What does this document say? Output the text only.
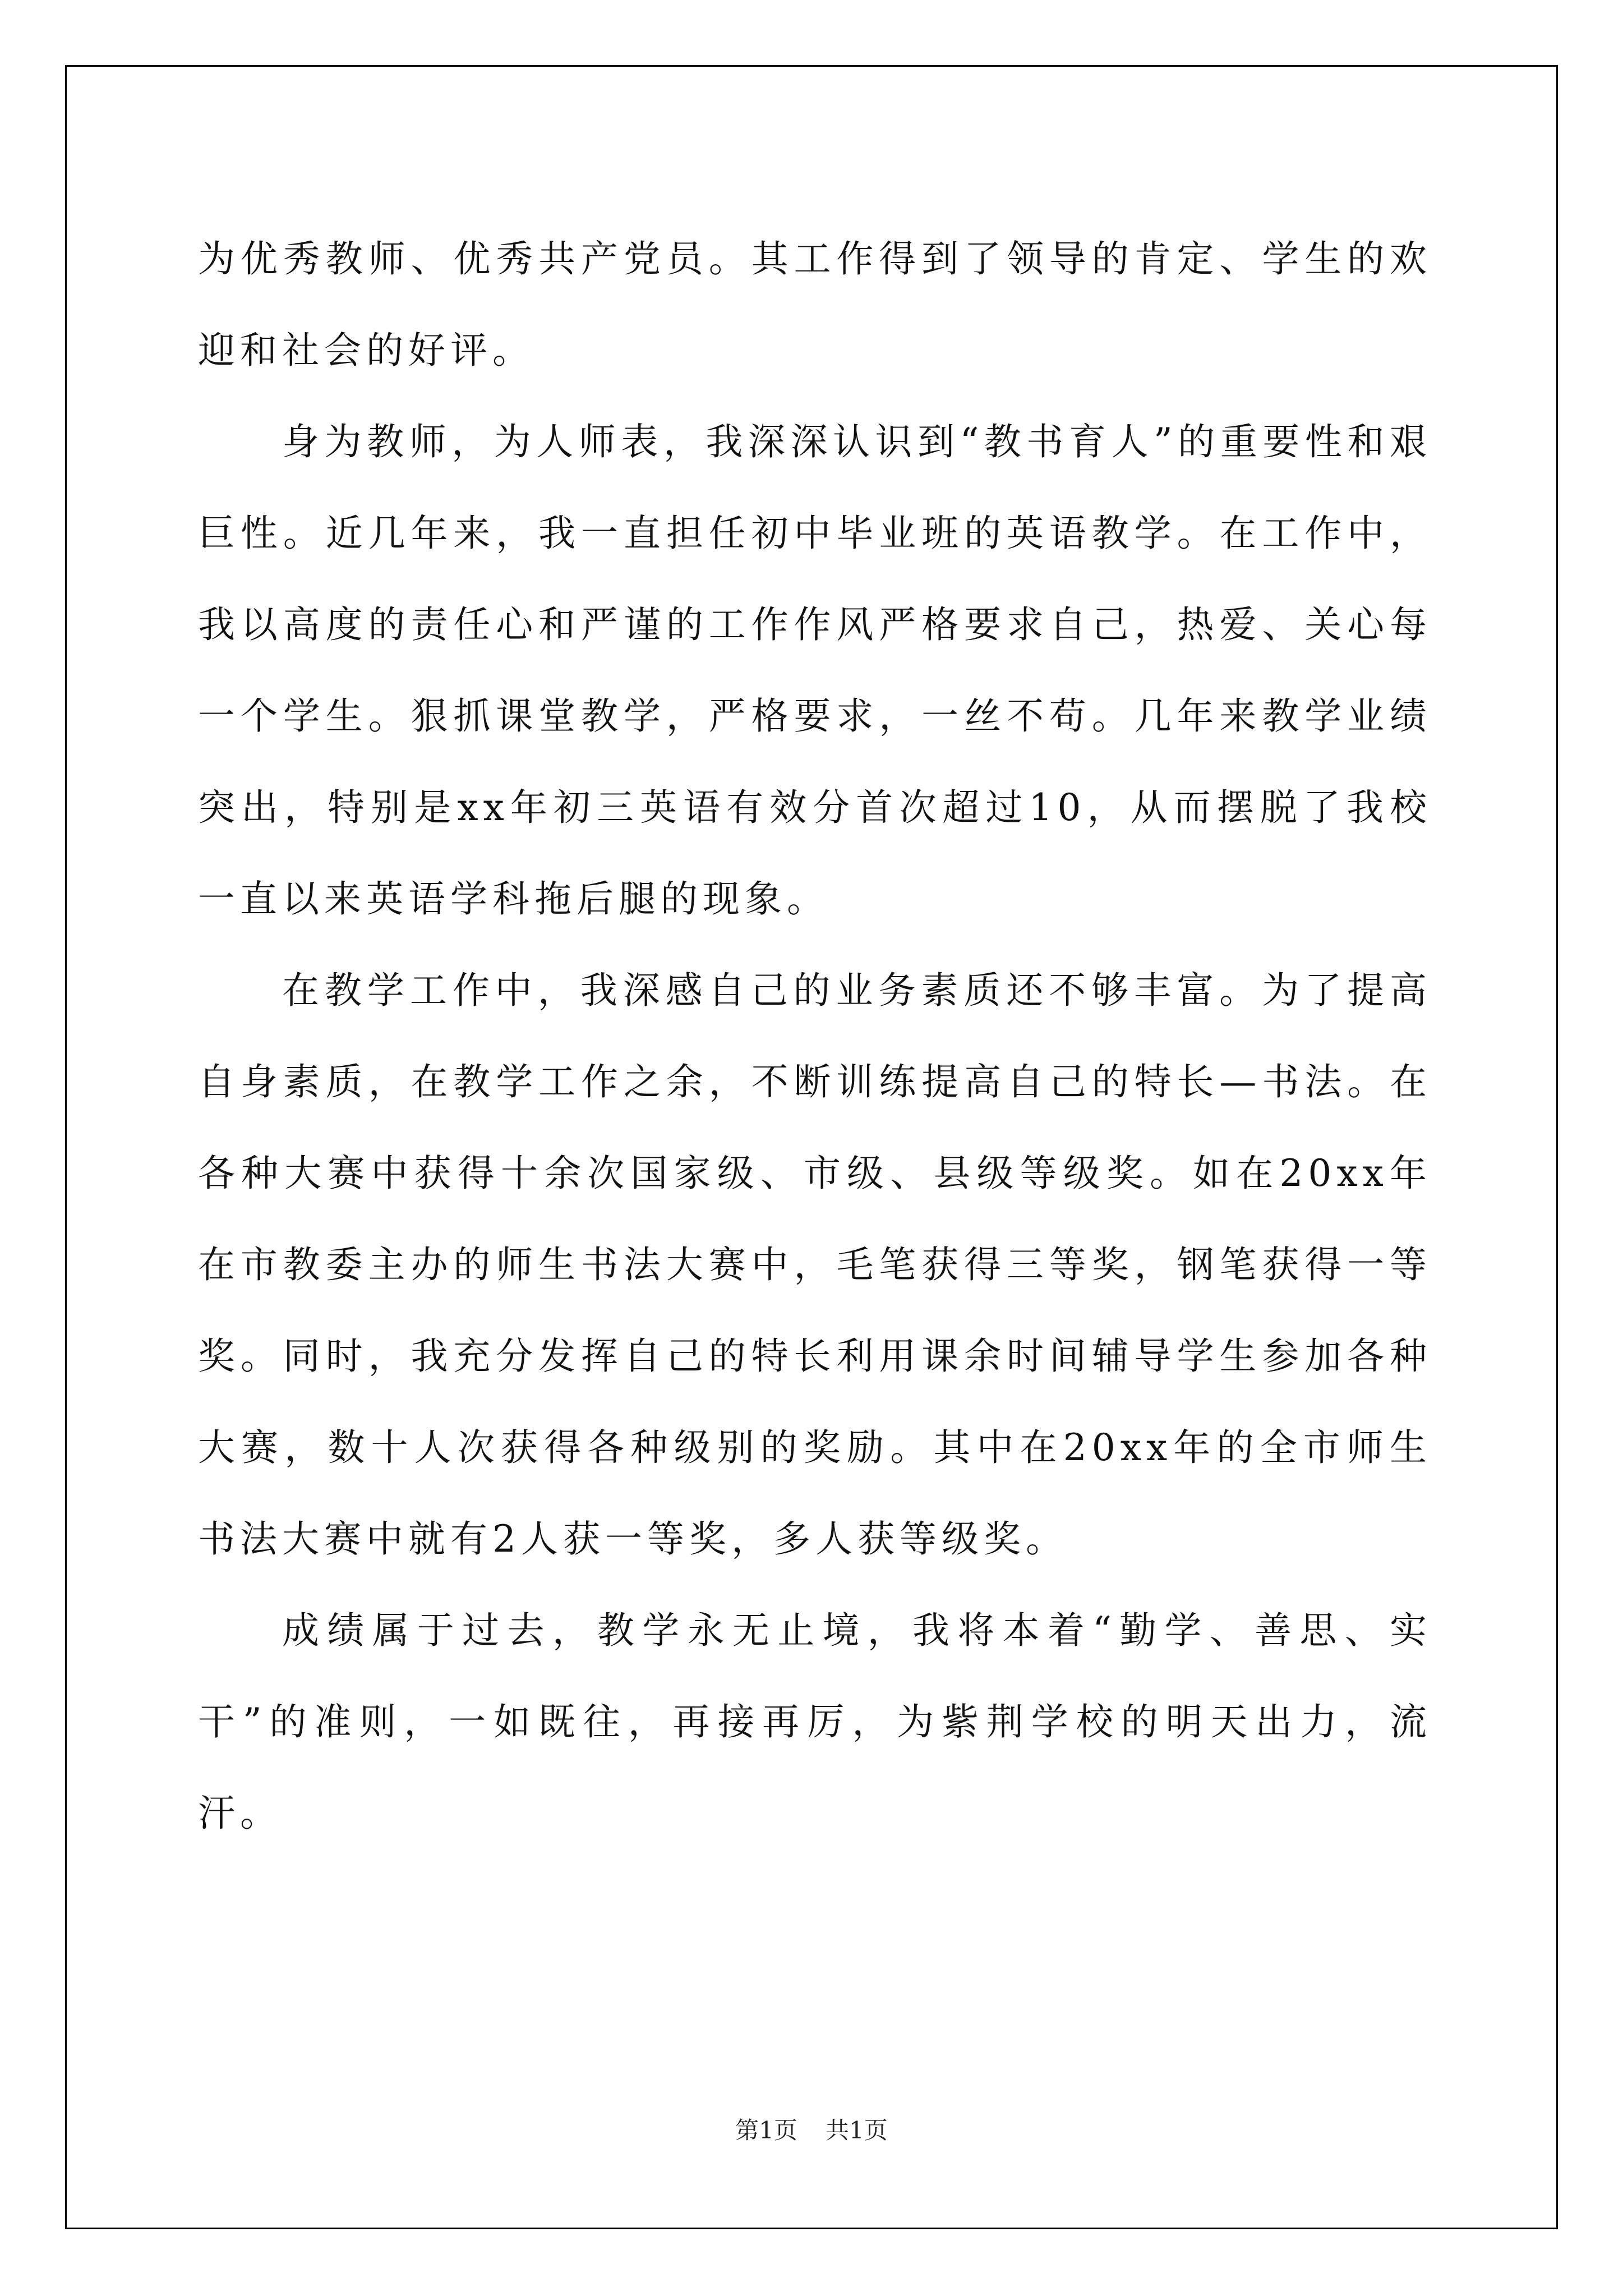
为优秀教师、优秀共产党员。其工作得到了领导的肯定、学生的欢迎和社会的好评。

身为教师，为人师表，我深深认识到“教书育人”的重要性和艰巨性。近几年来，我一直担任初中毕业班的英语教学。在工作中，我以高度的责任心和严谨的工作作风严格要求自己，热爱、关心每一个学生。狠抓课堂教学，严格要求，一丝不苟。几年来教学业绩突出，特别是xx年初三英语有效分首次超过10，从而摆脱了我校一直以来英语学科拖后腿的现象。

在教学工作中，我深感自己的业务素质还不够丰富。为了提高自身素质，在教学工作之余，不断训练提高自己的特长—书法。在各种大赛中获得十余次国家级、市级、县级等级奖。如在20xx年在市教委主办的师生书法大赛中，毛笔获得三等奖，钢笔获得一等奖。同时，我充分发挥自己的特长利用课余时间辅导学生参加各种大赛，数十人次获得各种级别的奖励。其中在20xx年的全市师生书法大赛中就有2人获一等奖，多人获等级奖。

成绩属于过去，教学永无止境，我将本着“勤学、善思、实干”的准则，一如既往，再接再厉，为紫荆学校的明天出力，流汗。

第1页 共1页
